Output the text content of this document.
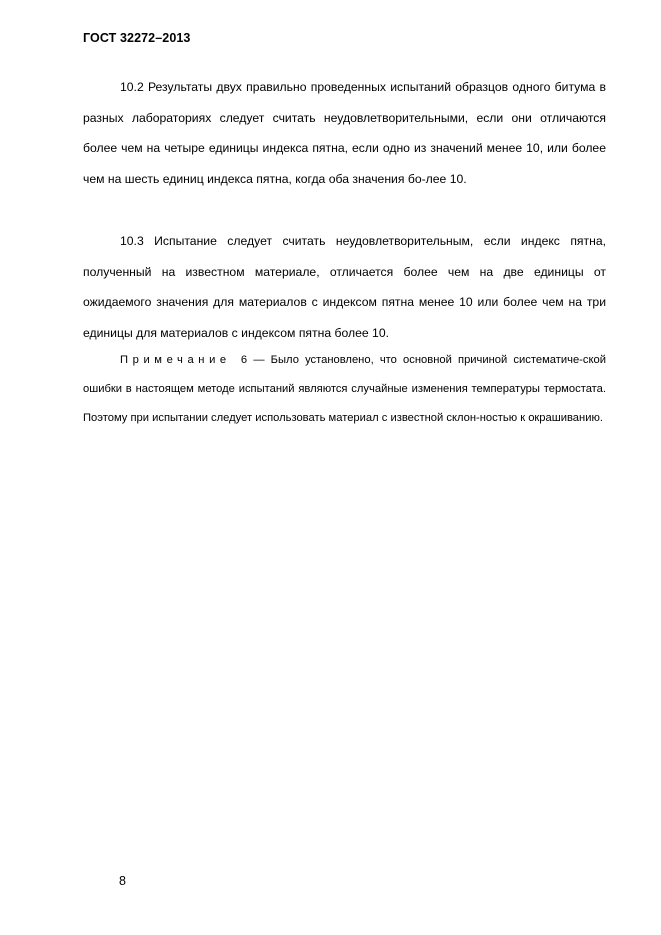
ГОСТ 32272–2013

10.2 Результаты двух правильно проведенных испытаний образцов одного битума в разных лабораториях следует считать неудовлетворительными, если они отличаются более чем на четыре единицы индекса пятна, если одно из значений менее 10, или более чем на шесть единиц индекса пятна, когда оба значения бо-лее 10.

10.3 Испытание следует считать неудовлетворительным, если индекс пятна, полученный на известном материале, отличается более чем на две единицы от ожидаемого значения для материалов с индексом пятна менее 10 или более чем на три единицы для материалов с индексом пятна более 10.

Примечание 6 — Было установлено, что основной причиной систематиче-ской ошибки в настоящем методе испытаний являются случайные изменения температуры термостата. Поэтому при испытании следует использовать материал с известной склон-ностью к окрашиванию.

8
